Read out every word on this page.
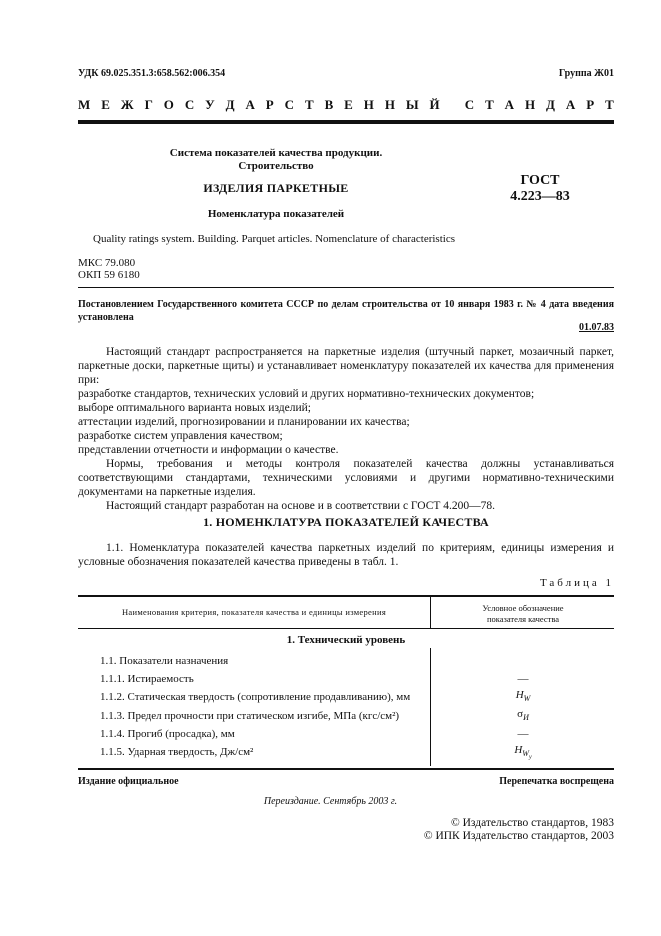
УДК 69.025.351.3:658.562:006.354	Группа Ж01
М Е Ж Г О С У Д А Р С Т В Е Н Н Ы Й
С Т А Н Д А Р Т
Система показателей качества продукции.
Строительство
ИЗДЕЛИЯ ПАРКЕТНЫЕ
Номенклатура показателей
ГОСТ
4.223—83
Quality ratings system. Building. Parquet articles. Nomenclature of characteristics
МКС 79.080
ОКП 59 6180
Постановлением Государственного комитета СССР по делам строительства от 10 января 1983 г. № 4 дата введения установлена
01.07.83

Настоящий стандарт распространяется на паркетные изделия (штучный паркет, мозаичный паркет, паркетные доски, паркетные щиты) и устанавливает номенклатуру показателей их качества для применения при:

разработке стандартов, технических условий и других нормативно-технических документов;

выборе оптимального варианта новых изделий;

аттестации изделий, прогнозировании и планировании их качества;

разработке систем управления качеством;

представлении отчетности и информации о качестве.

Нормы, требования и методы контроля показателей качества должны устанавливаться соответствующими стандартами, техническими условиями и другими нормативно-техническими документами на паркетные изделия.

Настоящий стандарт разработан на основе и в соответствии с ГОСТ 4.200—78.

1. НОМЕНКЛАТУРА ПОКАЗАТЕЛЕЙ КАЧЕСТВА
1.1. Номенклатура показателей качества паркетных изделий по критериям, единицы измерения и условные обозначения показателей качества приведены в табл. 1.
Таблица 1
Наименования критерия, показателя качества и единицы измерения	Условное обозначение
показателя качества
1. Технический уровень
1.1. Показатели назначения
1.1.1. Истираемость	—
1.1.2. Статическая твердость (сопротивление продавливанию), мм	$H_W$
1.1.3. Предел прочности при статическом изгибе, МПа (кгс/см²)	$\sigma_И$
1.1.4. Прогиб (просадка), мм	—
1.1.5. Ударная твердость, Дж/см²	$H_{W_у}$
Издание официальное	Перепечатка воспрещена
Переиздание. Сентябрь 2003 г.
© Издательство стандартов, 1983
© ИПК Издательство стандартов, 2003
